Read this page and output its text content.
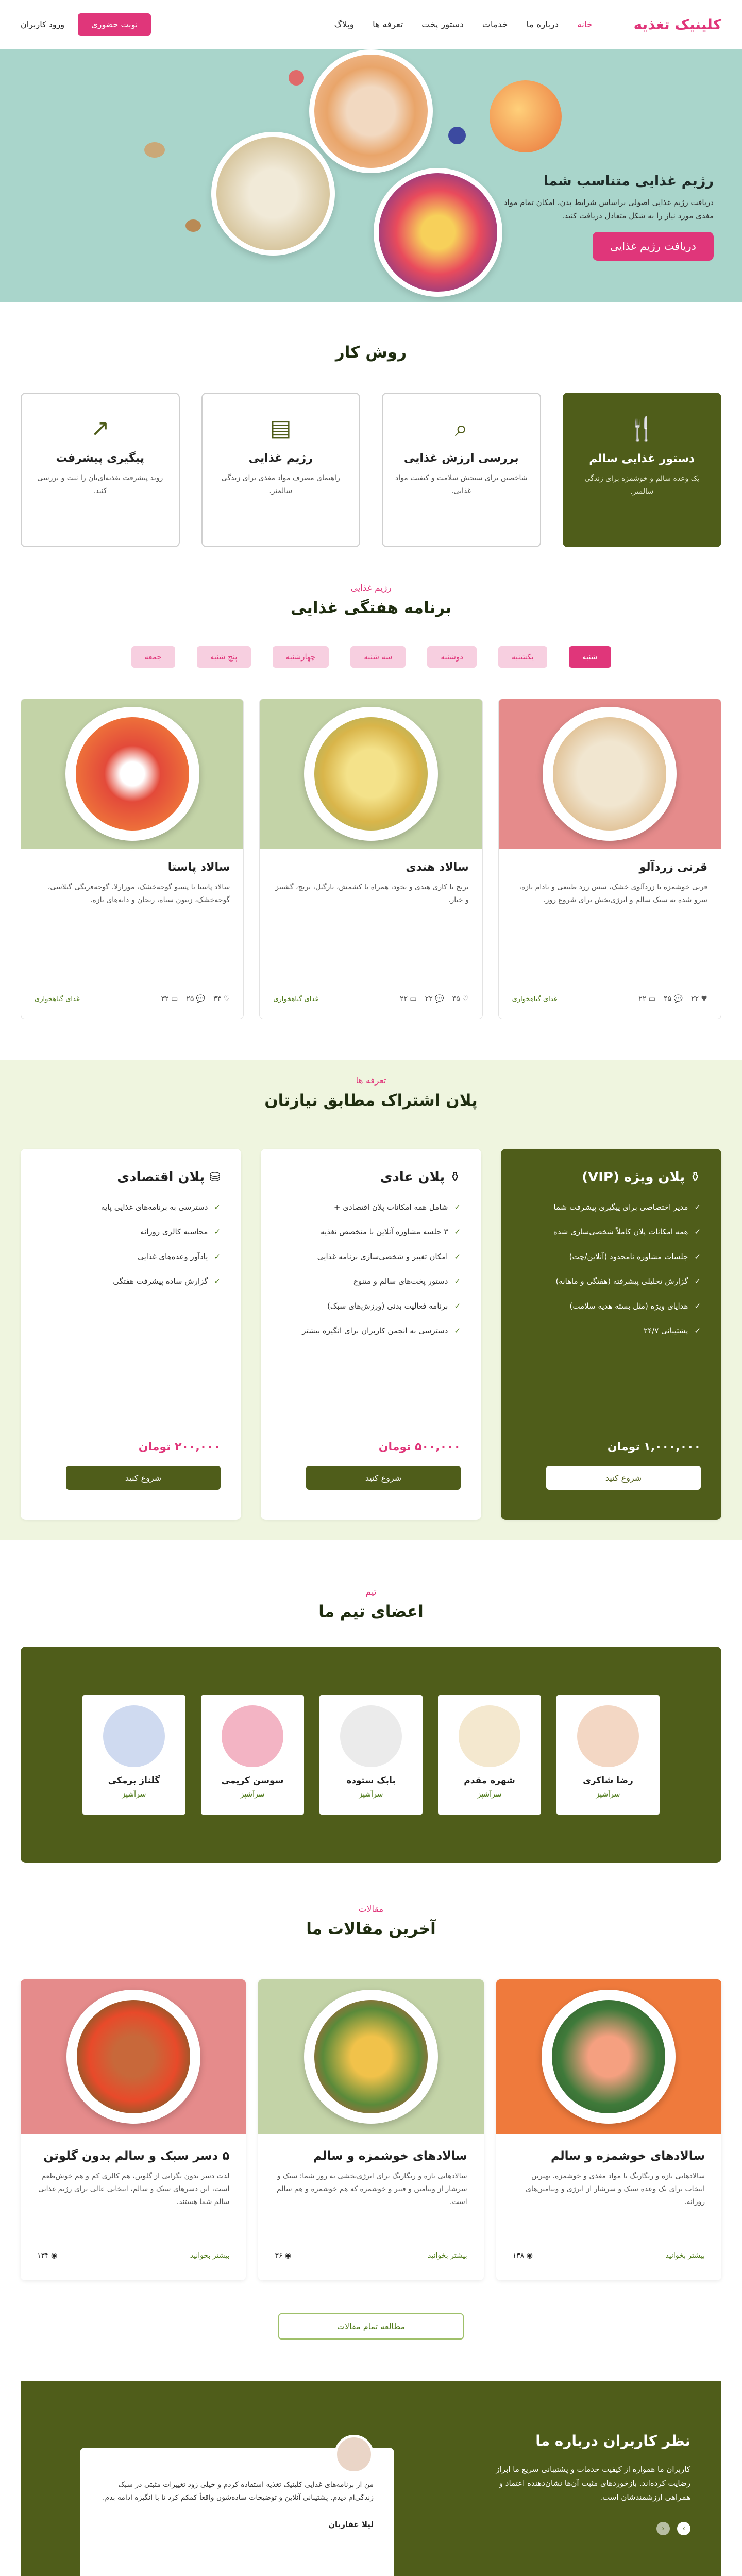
کلینیک تغذیه
خانه
درباره ما
خدمات
دستور پخت
تعرفه ها
وبلاگ
نوبت حضوری
ورود کاربران
رژیم غذایی متناسب شما

دریافت رژیم غذایی اصولی براساس شرایط بدن، امکان تمام مواد مغذی مورد نیاز را به شکل متعادل دریافت کنید.

دریافت رژیم غذایی
روش کار
🍴
دستور غذایی سالم

یک وعده سالم و خوشمزه برای زندگی سالمتر.

⌕
بررسی ارزش غذایی

شاخصین برای سنجش سلامت و کیفیت مواد غذایی.

▤
رژیم غذایی

راهنمای مصرف مواد مغذی برای زندگی سالمتر.

↗
پیگیری پیشرفت

روند پیشرفت تغذیه‌ای‌تان را ثبت و بررسی کنید.

رژیم غذایی
برنامه هفتگی غذایی
شنبه
یکشنبه
دوشنبه
سه شنبه
چهارشنبه
پنج شنبه
جمعه
قرنی زردآلو

قرنی خوشمزه با زردآلوی خشک، سس زرد طبیعی و بادام تازه، سرو شده به سبک سالم و انرژی‌بخش برای شروع روز.

♥ ۲۲
💬 ۴۵
▭ ۲۲
غذای گیاهخواری
سالاد هندی

برنج با کاری هندی و نخود، همراه با کشمش، نارگیل، برنج، گشنیز و خیار.

♡ ۴۵
💬 ۲۲
▭ ۲۲
غذای گیاهخواری
سالاد پاستا

سالاد پاستا با پستو گوجه‌خشک، موزارلا، گوجه‌فرنگی گیلاسی، گوجه‌خشک، زیتون سیاه، ریحان و دانه‌های تازه.

♡ ۳۳
💬 ۲۵
▭ ۳۲
غذای گیاهخواری
تعرفه ها
پلان اشتراک مطابق نیازتان
⚱ پلان ویژه (VIP)
✓مدیر اختصاصی برای پیگیری پیشرفت شما
✓همه امکانات پلان کاملاً شخصی‌سازی شده
✓جلسات مشاوره نامحدود (آنلاین/چت)
✓گزارش تحلیلی پیشرفته (هفتگی و ماهانه)
✓هدایای ویژه (مثل بسته هدیه سلامت)
✓پشتیبانی ۲۴/۷
۱,۰۰۰,۰۰۰ تومان
شروع کنید
⚱ پلان عادی
✓شامل همه امکانات پلان اقتصادی +
✓۳ جلسه مشاوره آنلاین با متخصص تغذیه
✓امکان تغییر و شخصی‌سازی برنامه غذایی
✓دستور پخت‌های سالم و متنوع
✓برنامه فعالیت بدنی (ورزش‌های سبک)
✓دسترسی به انجمن کاربران برای انگیزه بیشتر
۵۰۰,۰۰۰ تومان
شروع کنید
⛁ پلان اقتصادی
✓دسترسی به برنامه‌های غذایی پایه
✓محاسبه کالری روزانه
✓یادآور وعده‌های غذایی
✓گزارش ساده پیشرفت هفتگی
۲۰۰,۰۰۰ تومان
شروع کنید
تیم
اعضای تیم ما
رضا شاکری
سرآشپز
شهره مقدم
سرآشپز
بابک ستوده
سرآشپز
سوسن کریمی
سرآشپز
گلناز برمکی
سرآشپز
مقالات
آخرین مقالات ما
سالادهای خوشمزه و سالم

سالادهایی تازه و رنگارنگ با مواد مغذی و خوشمزه، بهترین انتخاب برای یک وعده سبک و سرشار از انرژی و ویتامین‌های روزانه.

بیشتر بخوانید
◉ ۱۳۸
سالادهای خوشمزه و سالم

سالادهایی تازه و رنگارنگ برای انرژی‌بخشی به روز شما؛ سبک و سرشار از ویتامین و فیبر و خوشمزه که هم خوشمزه و هم سالم است.

بیشتر بخوانید
◉ ۳۶
۵ دسر سبک و سالم بدون گلوتن

لذت دسر بدون نگرانی از گلوتن، هم کالری کم و هم خوش‌طعم است، این دسرهای سبک و سالم، انتخابی عالی برای رژیم غذایی سالم شما هستند.

بیشتر بخوانید
◉ ۱۳۴
مطالعه تمام مقالات
نظر کاربران درباره ما

کاربران ما همواره از کیفیت خدمات و پشتیبانی سریع ما ابراز رضایت کرده‌اند. بازخوردهای مثبت آن‌ها نشان‌دهنده اعتماد و همراهی ارزشمندشان است.

›
‹

من از برنامه‌های غذایی کلینیک تغذیه استفاده کردم و خیلی زود تغییرات مثبتی در سبک زندگی‌ام دیدم. پشتیبانی آنلاین و توضیحات ساده‌شون واقعاً کمکم کرد تا با انگیزه ادامه بدم.

لیلا غفاریان
